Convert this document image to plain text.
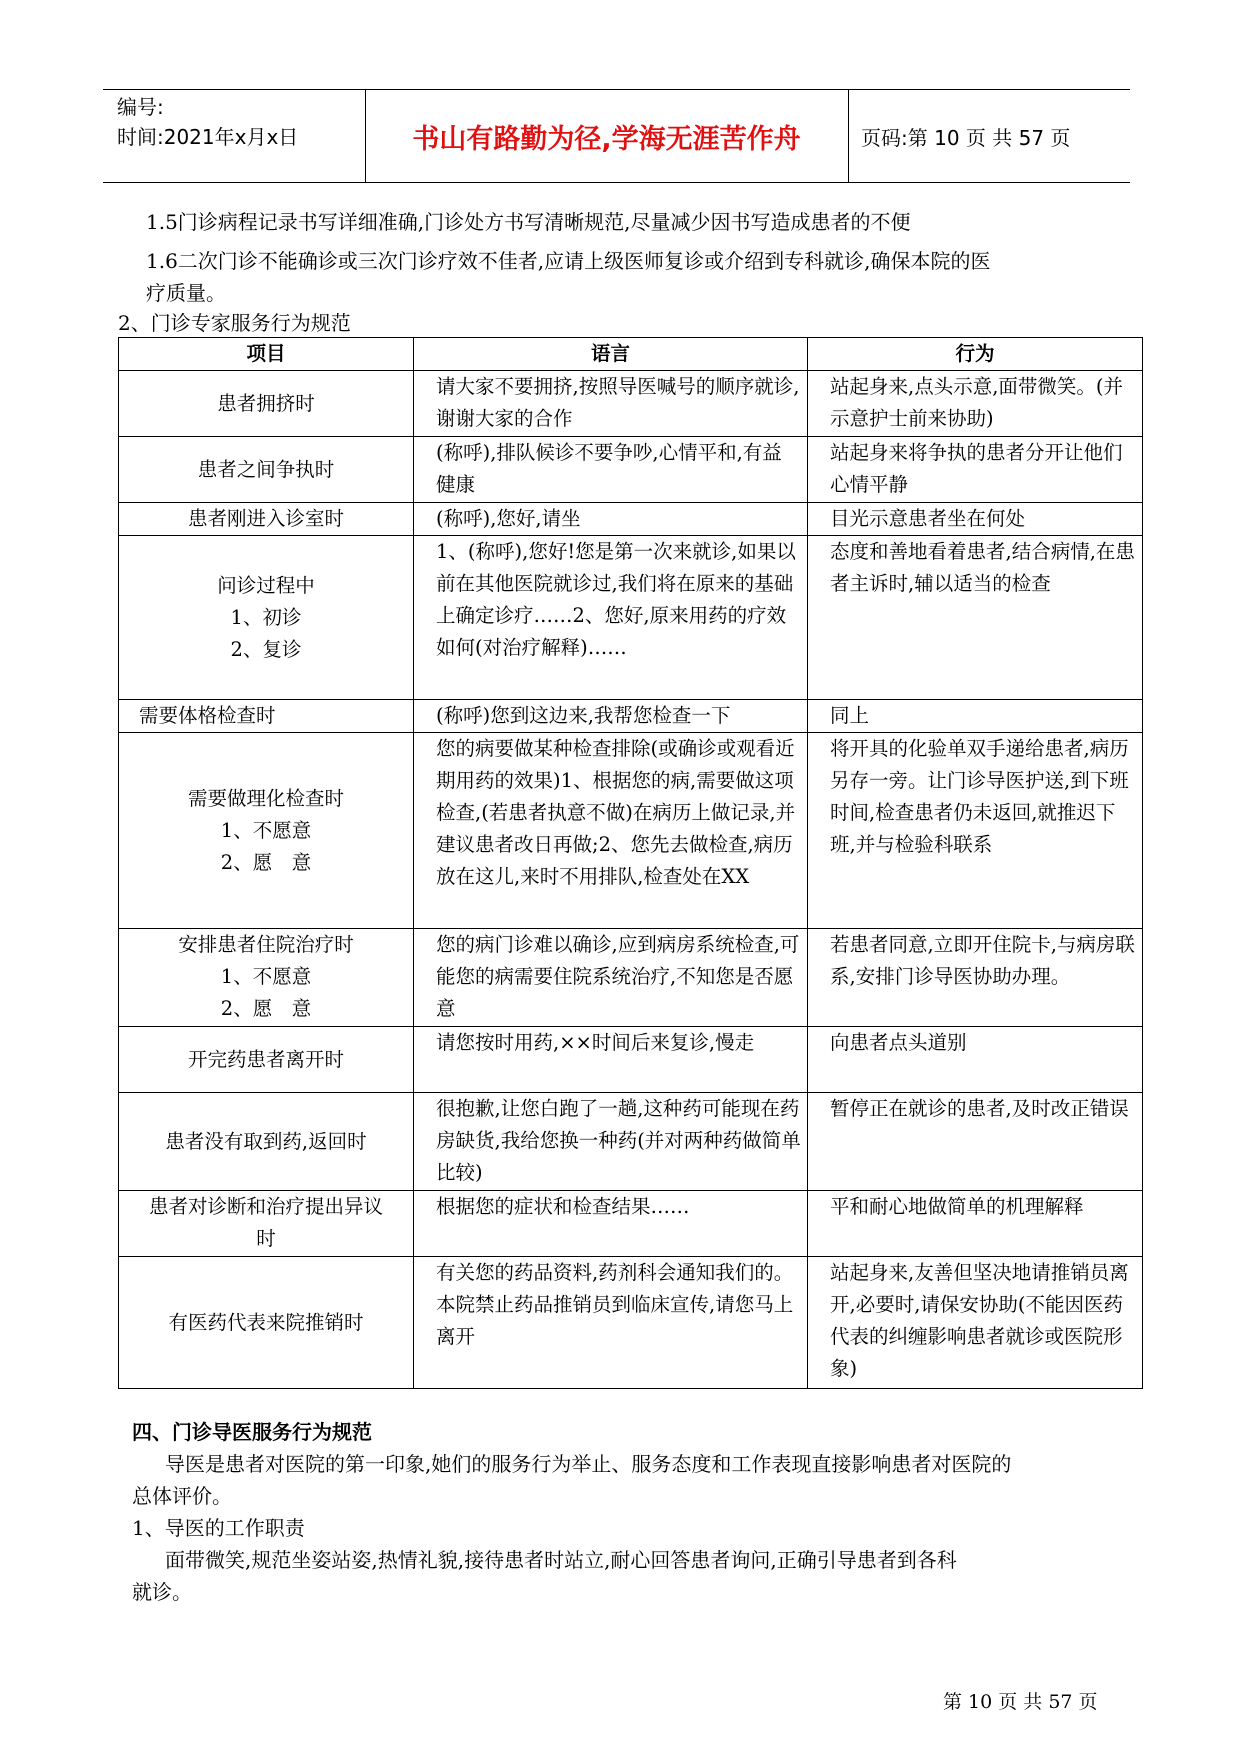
编号:
时间:2021年x月x日	书山有路勤为径,学海无涯苦作舟	页码:第 10 页 共 57 页
1.5门诊病程记录书写详细准确,门诊处方书写清晰规范,尽量减少因书写造成患者的不便
1.6二次门诊不能确诊或三次门诊疗效不佳者,应请上级医师复诊或介绍到专科就诊,确保本院的医
疗质量。
2、门诊专家服务行为规范
项目	语言	行为
患者拥挤时	请大家不要拥挤,按照导医喊号的顺序就诊,谢谢大家的合作	站起身来,点头示意,面带微笑。(并示意护士前来协助)
患者之间争执时	(称呼),排队候诊不要争吵,心情平和,有益健康	站起身来将争执的患者分开让他们心情平静
患者刚进入诊室时	(称呼),您好,请坐	目光示意患者坐在何处
问诊过程中
1、初诊
2、复诊	1、(称呼),您好!您是第一次来就诊,如果以前在其他医院就诊过,我们将在原来的基础上确定诊疗……2、您好,原来用药的疗效如何(对治疗解释)……	态度和善地看着患者,结合病情,在患者主诉时,辅以适当的检查
需要体格检查时	(称呼)您到这边来,我帮您检查一下	同上
需要做理化检查时
1、不愿意
2、愿　意	您的病要做某种检查排除(或确诊或观看近期用药的效果)1、根据您的病,需要做这项检查,(若患者执意不做)在病历上做记录,并建议患者改日再做;2、您先去做检查,病历放在这儿,来时不用排队,检查处在XX	将开具的化验单双手递给患者,病历另存一旁。让门诊导医护送,到下班时间,检查患者仍未返回,就推迟下班,并与检验科联系
安排患者住院治疗时
1、不愿意
2、愿　意	您的病门诊难以确诊,应到病房系统检查,可能您的病需要住院系统治疗,不知您是否愿意	若患者同意,立即开住院卡,与病房联系,安排门诊导医协助办理。
开完药患者离开时	请您按时用药,××时间后来复诊,慢走	向患者点头道别
患者没有取到药,返回时	很抱歉,让您白跑了一趟,这种药可能现在药房缺货,我给您换一种药(并对两种药做简单比较)	暂停正在就诊的患者,及时改正错误
患者对诊断和治疗提出异议时	根据您的症状和检查结果……	平和耐心地做简单的机理解释
有医药代表来院推销时	有关您的药品资料,药剂科会通知我们的。本院禁止药品推销员到临床宣传,请您马上离开	站起身来,友善但坚决地请推销员离开,必要时,请保安协助(不能因医药代表的纠缠影响患者就诊或医院形象)
四、门诊导医服务行为规范
导医是患者对医院的第一印象,她们的服务行为举止、服务态度和工作表现直接影响患者对医院的
总体评价。
1、导医的工作职责
面带微笑,规范坐姿站姿,热情礼貌,接待患者时站立,耐心回答患者询问,正确引导患者到各科
就诊。
第 10 页 共 57 页
